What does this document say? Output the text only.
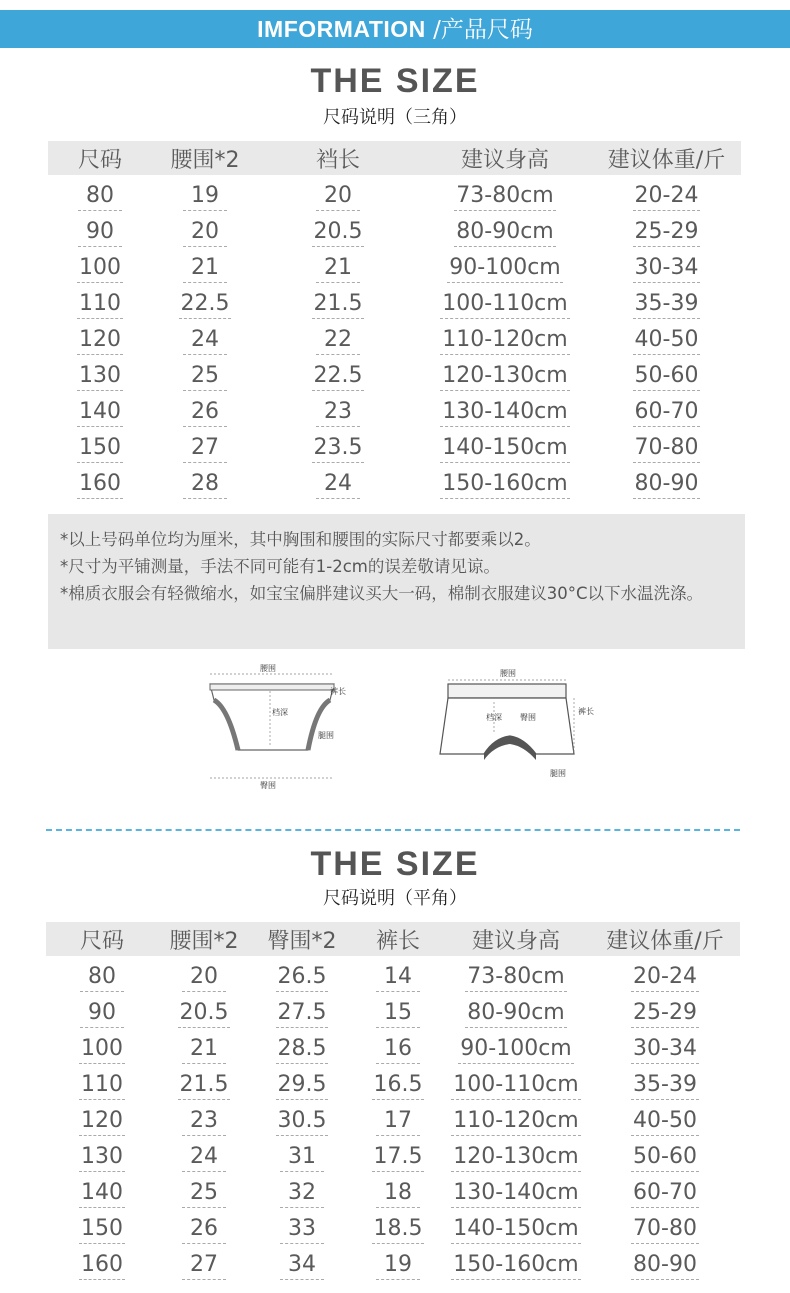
IMFORMATION /产品尺码
THE SIZE
尺码说明（三角）
尺码	腰围*2	裆长	建议身高	建议体重/斤
80	19	20	73-80cm	20-24
90	20	20.5	80-90cm	25-29
100	21	21	90-100cm	30-34
110	22.5	21.5	100-110cm	35-39
120	24	22	110-120cm	40-50
130	25	22.5	120-130cm	50-60
140	26	23	130-140cm	60-70
150	27	23.5	140-150cm	70-80
160	28	24	150-160cm	80-90
*以上号码单位均为厘米，其中胸围和腰围的实际尺寸都要乘以2。
*尺寸为平铺测量，手法不同可能有1-2cm的误差敬请见谅。
*棉质衣服会有轻微缩水，如宝宝偏胖建议买大一码，棉制衣服建议30°C以下水温洗涤。
腰围
档深
裤长
腿围
臀围
腰围
档深 臀围
裤长
腿围
THE SIZE
尺码说明（平角）
尺码	腰围*2	臀围*2	裤长	建议身高	建议体重/斤
80	20	26.5	14	73-80cm	20-24
90	20.5	27.5	15	80-90cm	25-29
100	21	28.5	16	90-100cm	30-34
110	21.5	29.5	16.5	100-110cm	35-39
120	23	30.5	17	110-120cm	40-50
130	24	31	17.5	120-130cm	50-60
140	25	32	18	130-140cm	60-70
150	26	33	18.5	140-150cm	70-80
160	27	34	19	150-160cm	80-90
